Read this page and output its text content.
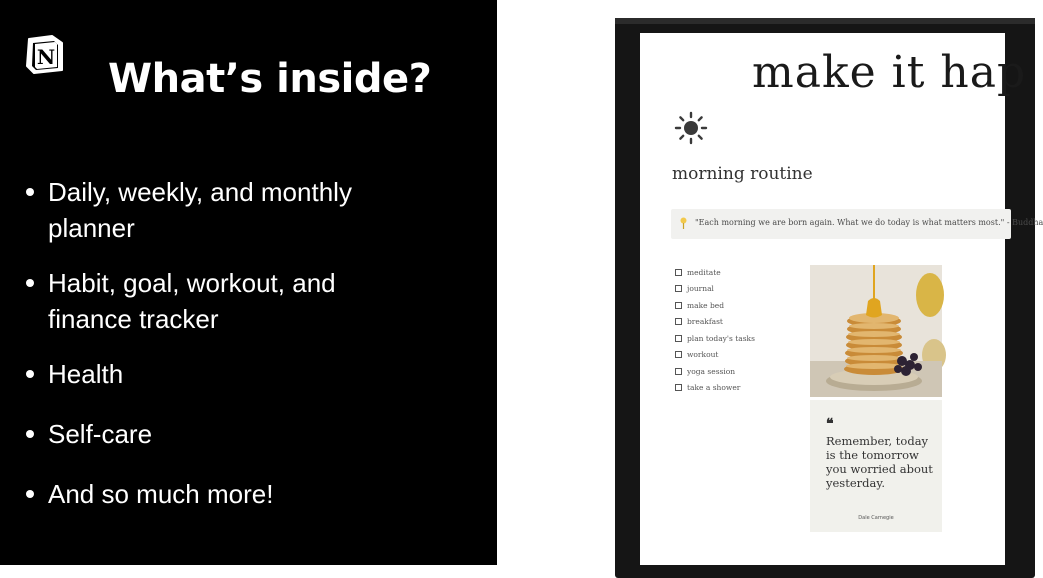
N What’s inside?
Daily, weekly, and monthly planner
Habit, goal, workout, and finance tracker
Health
Self-care
And so much more!
make it hap
morning routine
"Each morning we are born again. What we do today is what matters most." - Buddha
meditate
journal
make bed
breakfast
plan today's tasks
workout
yoga session
take a shower
❝
Remember, today is the tomorrow you worried about yesterday.
Dale Carnegie
